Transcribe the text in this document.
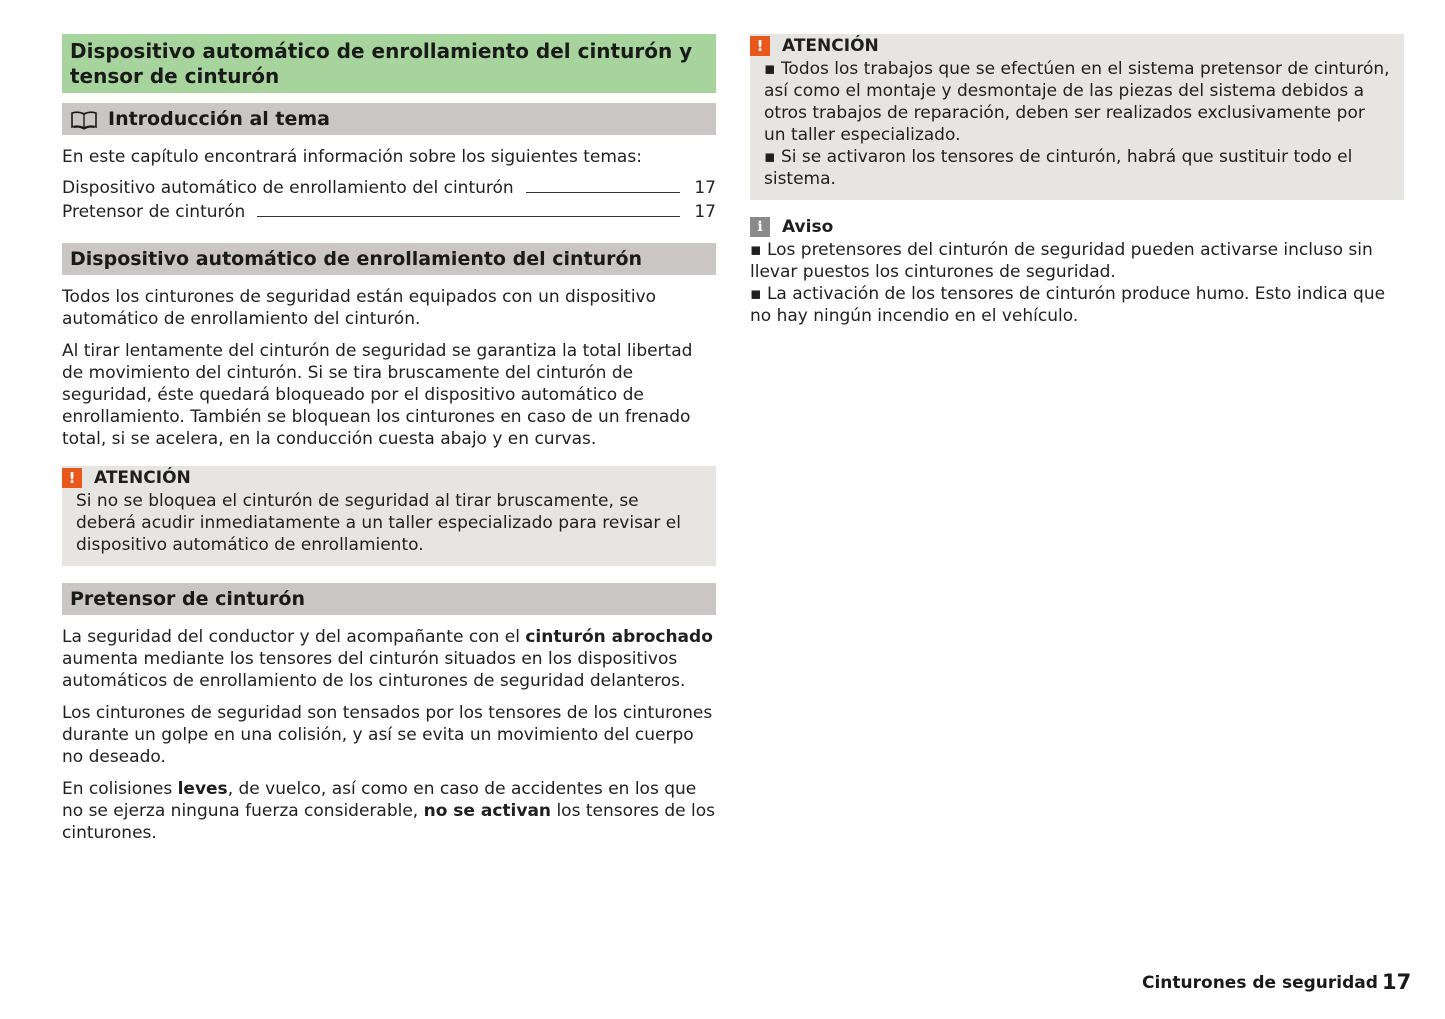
Dispositivo automático de enrollamiento del cinturón y tensor de cinturón
Introducción al tema

En este capítulo encontrará información sobre los siguientes temas:

Dispositivo automático de enrollamiento del cinturón	17
Pretensor de cinturón	17
Dispositivo automático de enrollamiento del cinturón

Todos los cinturones de seguridad están equipados con un dispositivo automático de enrollamiento del cinturón.

Al tirar lentamente del cinturón de seguridad se garantiza la total libertad de movimiento del cinturón. Si se tira bruscamente del cinturón de seguridad, éste quedará bloqueado por el dispositivo automático de enrollamiento. También se bloquean los cinturones en caso de un frenado total, si se acelera, en la conducción cuesta abajo y en curvas.

!	ATENCIÓN

Si no se bloquea el cinturón de seguridad al tirar bruscamente, se deberá acudir inmediatamente a un taller especializado para revisar el dispositivo automático de enrollamiento.

Pretensor de cinturón

La seguridad del conductor y del acompañante con el cinturón abrochado aumenta mediante los tensores del cinturón situados en los dispositivos automáticos de enrollamiento de los cinturones de seguridad delanteros.

Los cinturones de seguridad son tensados por los tensores de los cinturones durante un golpe en una colisión, y así se evita un movimiento del cuerpo no deseado.

En colisiones leves, de vuelco, así como en caso de accidentes en los que no se ejerza ninguna fuerza considerable, no se activan los tensores de los cinturones.

!	ATENCIÓN

▪ Todos los trabajos que se efectúen en el sistema pretensor de cinturón, así como el montaje y desmontaje de las piezas del sistema debidos a otros trabajos de reparación, deben ser realizados exclusivamente por un taller especializado.

▪ Si se activaron los tensores de cinturón, habrá que sustituir todo el sistema.

i	Aviso

▪ Los pretensores del cinturón de seguridad pueden activarse incluso sin llevar puestos los cinturones de seguridad.

▪ La activación de los tensores de cinturón produce humo. Esto indica que no hay ningún incendio en el vehículo.

Cinturones de seguridad 17
